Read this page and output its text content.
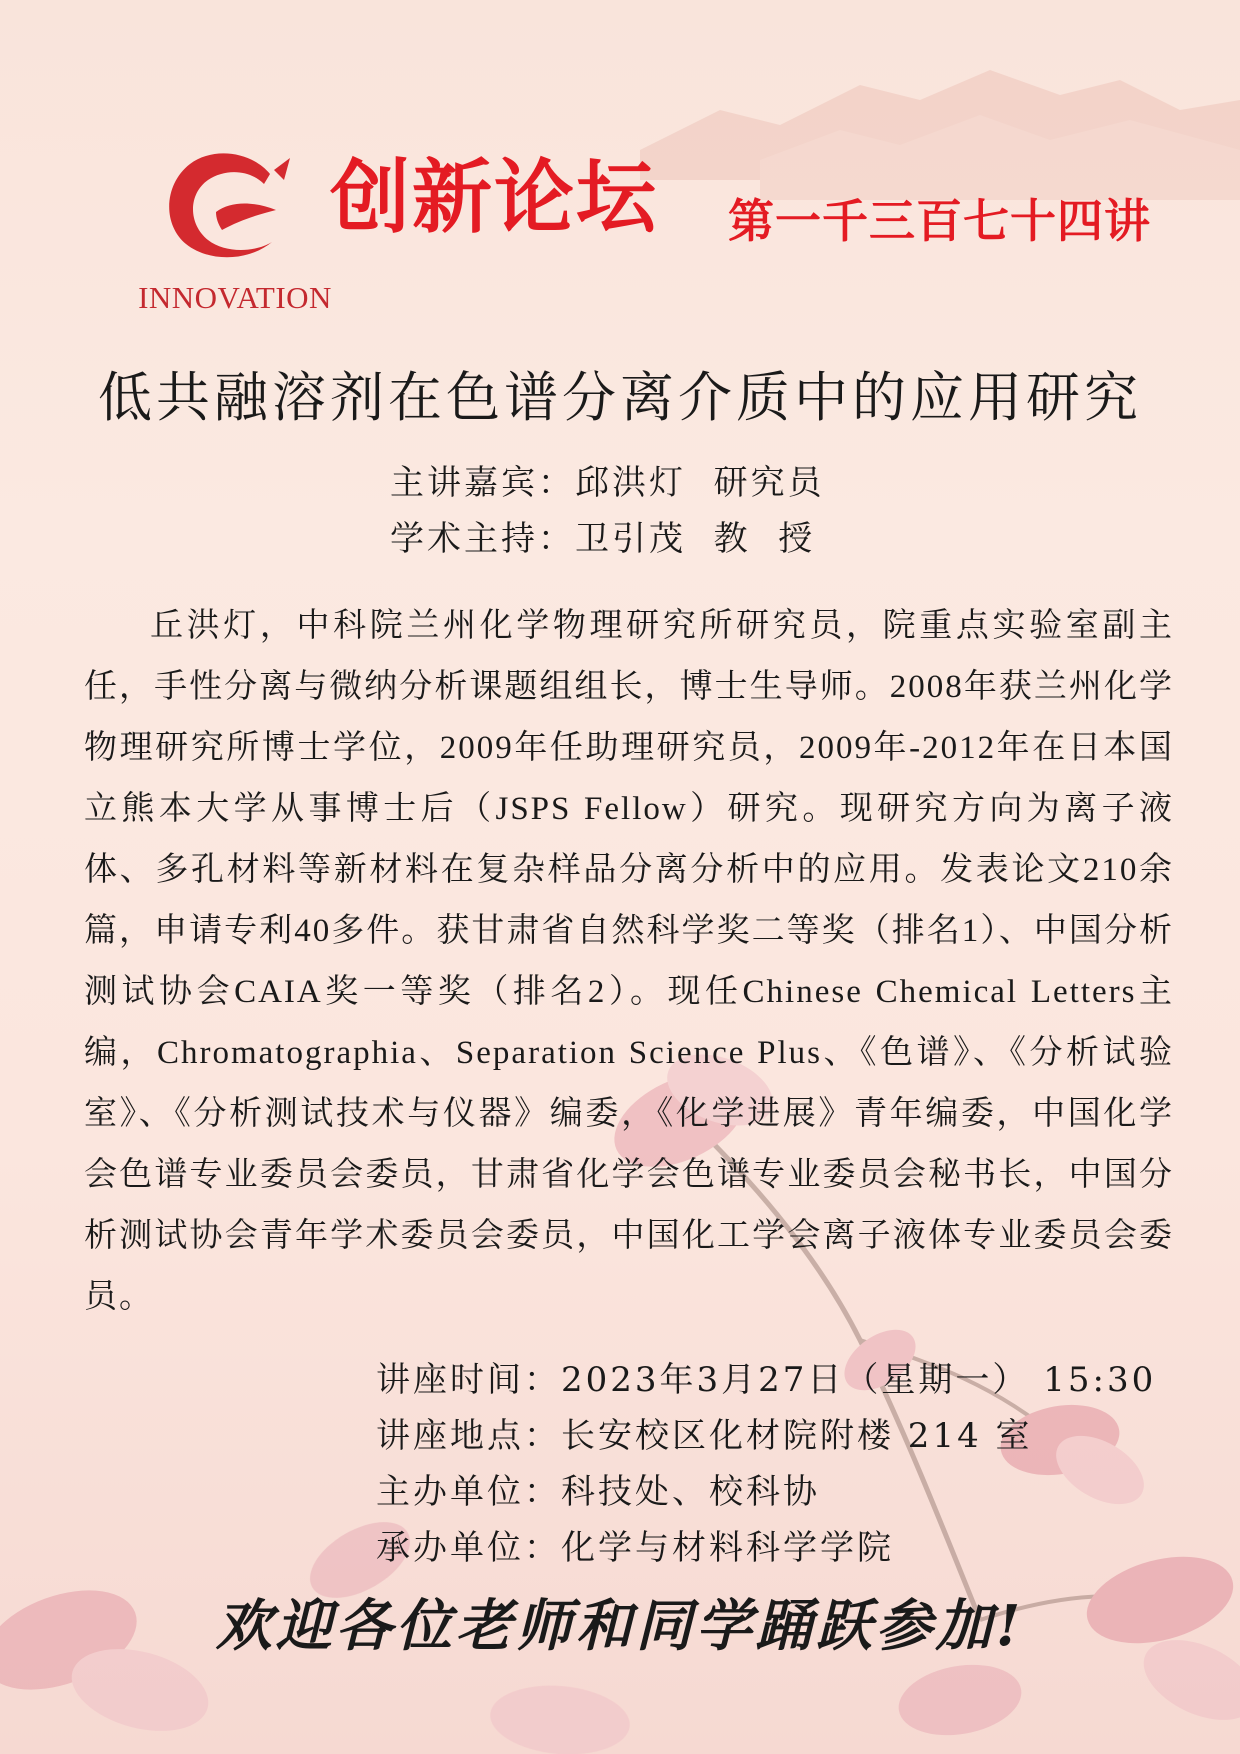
INNOVATION
创新论坛 第一千三百七十四讲
低共融溶剂在色谱分离介质中的应用研究
主讲嘉宾：邱洪灯  研究员
学术主持：卫引茂  教  授
丘洪灯，中科院兰州化学物理研究所研究员，院重点实验室副主任，手性分离与微纳分析课题组组长，博士生导师。2008年获兰州化学物理研究所博士学位，2009年任助理研究员，2009年-2012年在日本国立熊本大学从事博士后（JSPS Fellow）研究。现研究方向为离子液体、多孔材料等新材料在复杂样品分离分析中的应用。发表论文210余篇，申请专利40多件。获甘肃省自然科学奖二等奖（排名1）、中国分析测试协会CAIA奖一等奖（排名2）。现任Chinese Chemical Letters主编，Chromatographia、Separation Science Plus、《色谱》、《分析试验室》、《分析测试技术与仪器》编委，《化学进展》青年编委，中国化学会色谱专业委员会委员，甘肃省化学会色谱专业委员会秘书长，中国分析测试协会青年学术委员会委员，中国化工学会离子液体专业委员会委员。
讲座时间：2023年3月27日（星期一） 15:30
讲座地点：长安校区化材院附楼 214 室
主办单位：科技处、校科协
承办单位：化学与材料科学学院
欢迎各位老师和同学踊跃参加!
